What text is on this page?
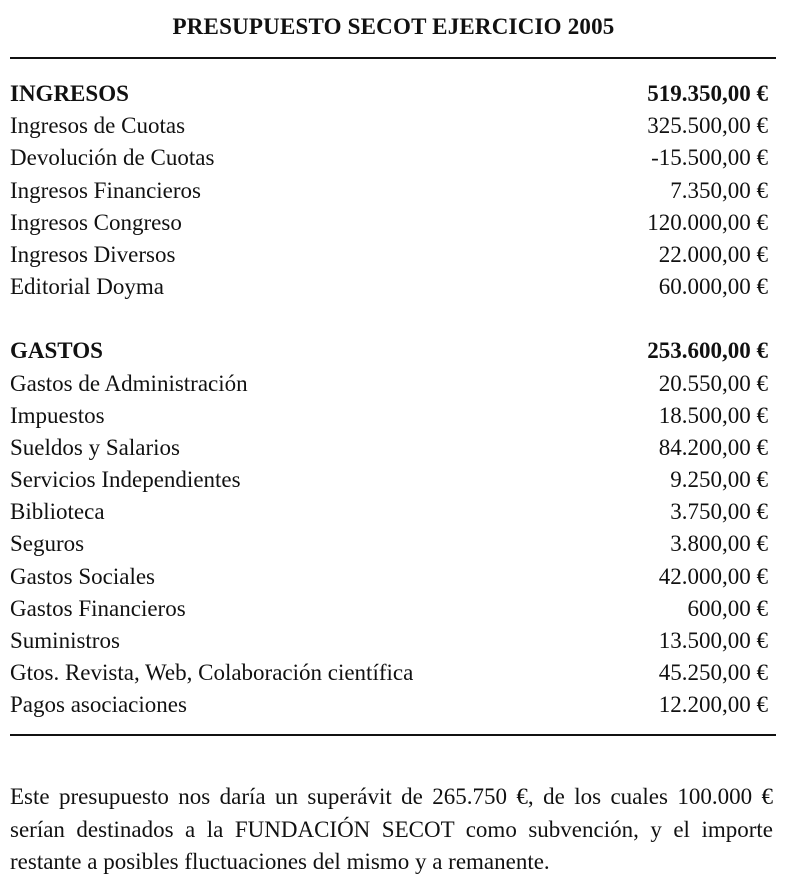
PRESUPUESTO SECOT EJERCICIO 2005
INGRESOS	519.350,00 €
Ingresos de Cuotas	325.500,00 €
Devolución de Cuotas	-15.500,00 €
Ingresos Financieros	7.350,00 €
Ingresos Congreso	120.000,00 €
Ingresos Diversos	22.000,00 €
Editorial Doyma	60.000,00 €
GASTOS	253.600,00 €
Gastos de Administración	20.550,00 €
Impuestos	18.500,00 €
Sueldos y Salarios	84.200,00 €
Servicios Independientes	9.250,00 €
Biblioteca	3.750,00 €
Seguros	3.800,00 €
Gastos Sociales	42.000,00 €
Gastos Financieros	600,00 €
Suministros	13.500,00 €
Gtos. Revista, Web, Colaboración científica	45.250,00 €
Pagos asociaciones	12.200,00 €

Este presupuesto nos daría un superávit de 265.750 €, de los cuales 100.000 € serían destinados a la FUNDACIÓN SECOT como subvención, y el importe restante a posibles fluctuaciones del mismo y a remanente.
